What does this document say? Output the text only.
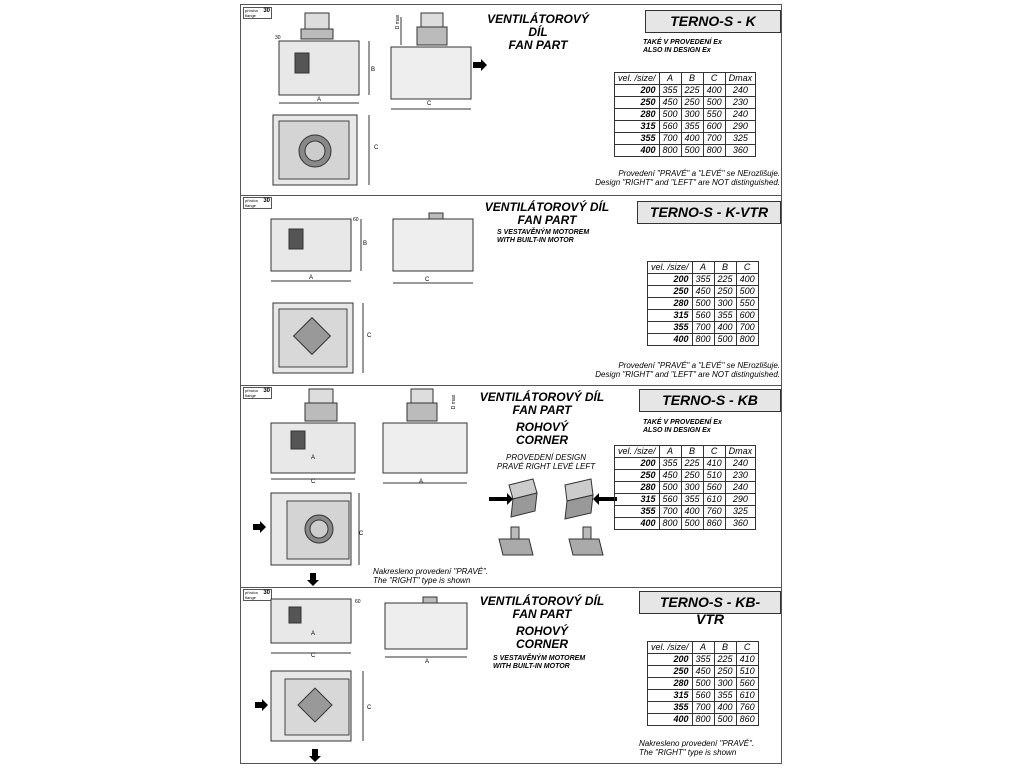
příruba
flange
30
A
B
30
C
D max
C
VENTILÁTOROVÝ DÍL
FAN PART
TERNO-S - K
TAKÉ V PROVEDENÍ Ex
ALSO IN DESIGN Ex
vel. /size/	A	B	C	Dmax
200	355	225	400	240
250	450	250	500	230
280	500	300	550	240
315	560	355	600	290
355	700	400	700	325
400	800	500	800	360
Provedení "PRAVÉ" a "LEVÉ" se NErozlišuje.
Design "RIGHT" and "LEFT" are NOT distinguished.
příruba
flange
30
A
B
60
C
C
VENTILÁTOROVÝ DÍL
FAN PART
S VESTAVĚNÝM MOTOREM
WITH BUILT-IN MOTOR
TERNO-S - K-VTR
vel. /size/	A	B	C
200	355	225	400
250	450	250	500
280	500	300	550
315	560	355	600
355	700	400	700
400	800	500	800
Provedení "PRAVÉ" a "LEVÉ" se NErozlišuje.
Design "RIGHT" and "LEFT" are NOT distinguished.
příruba
flange
30
A
C
C
D max
A
VENTILÁTOROVÝ DÍL
FAN PART
ROHOVÝ
CORNER
PROVEDENÍ DESIGN
PRAVÉ RIGHT LEVÉ LEFT
TERNO-S - KB
TAKÉ V PROVEDENÍ Ex
ALSO IN DESIGN Ex
vel. /size/	A	B	C	Dmax
200	355	225	410	240
250	450	250	510	230
280	500	300	560	240
315	560	355	610	290
355	700	400	760	325
400	800	500	860	360
Nakresleno provedení "PRAVÉ".
The "RIGHT" type is shown
příruba
flange
30
A
C
60
C
A
VENTILÁTOROVÝ DÍL
FAN PART
ROHOVÝ
CORNER
S VESTAVĚNÝM MOTOREM
WITH BUILT-IN MOTOR
TERNO-S - KB-VTR
vel. /size/	A	B	C
200	355	225	410
250	450	250	510
280	500	300	560
315	560	355	610
355	700	400	760
400	800	500	860
Nakresleno provedení "PRAVÉ".
The "RIGHT" type is shown
